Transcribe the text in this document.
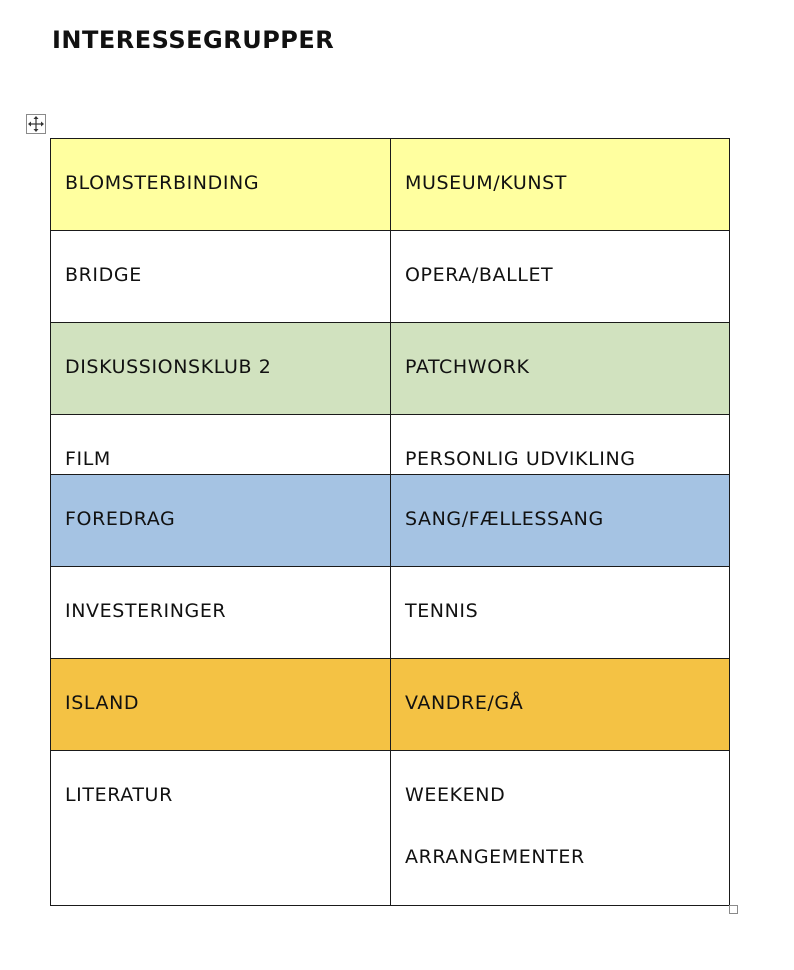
INTERESSEGRUPPER
BLOMSTERBINDING	MUSEUM/KUNST
BRIDGE	OPERA/BALLET
DISKUSSIONSKLUB 2	PATCHWORK
FILM	PERSONLIG UDVIKLING
FOREDRAG	SANG/FÆLLESSANG
INVESTERINGER	TENNIS
ISLAND	VANDRE/GÅ
LITERATUR	WEEKEND
ARRANGEMENTER
